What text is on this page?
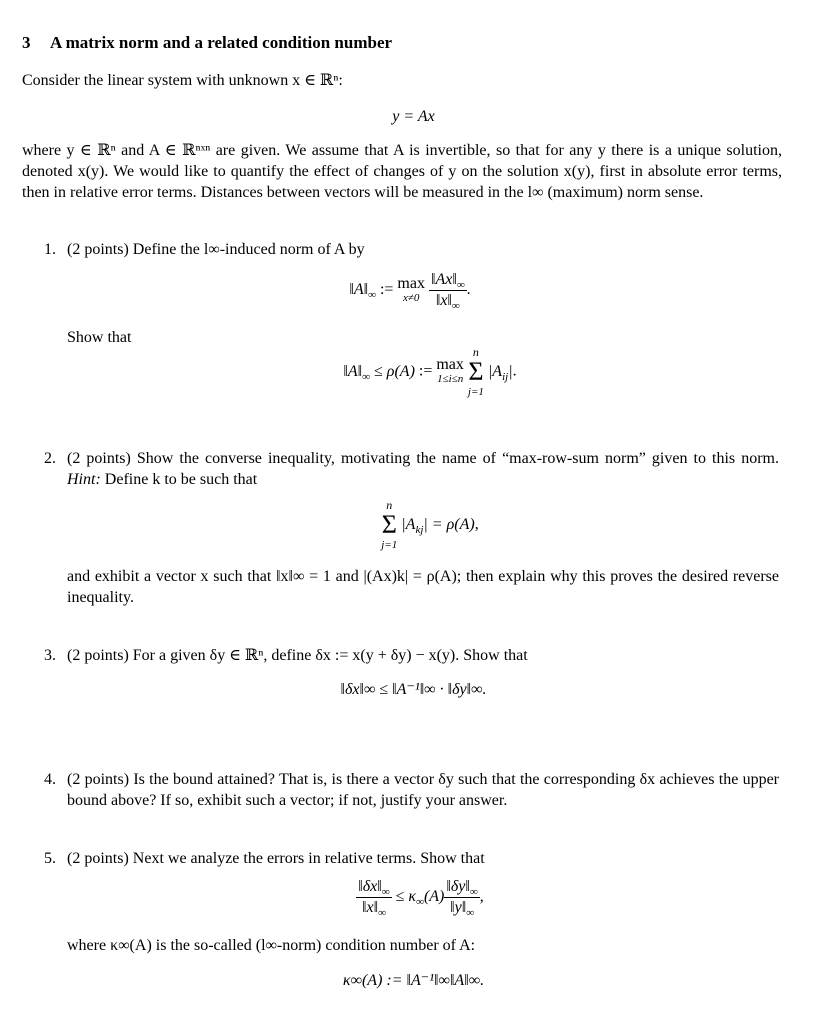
3 A matrix norm and a related condition number
Consider the linear system with unknown x ∈ ℝⁿ:
y = Ax
where y ∈ ℝⁿ and A ∈ ℝⁿˣⁿ are given. We assume that A is invertible, so that for any y there is a unique solution, denoted x(y). We would like to quantify the effect of changes of y on the solution x(y), first in absolute error terms, then in relative error terms. Distances between vectors will be measured in the l∞ (maximum) norm sense.
1. (2 points) Define the l∞-induced norm of A by
$‖A‖_\infty$ := max
x≠0
$\frac{‖Ax‖_\infty}{‖x‖_\infty}$ .
Show that
$‖A‖_\infty \le \rho(A)$ := max
1≤i≤n

n
Σ
j=1
$|A_{ij}|$.
2. (2 points) Show the converse inequality, motivating the name of “max-row-sum norm” given to this norm. Hint: Define k to be such that
n
Σ
j=1
$|A_{kj}| = \rho(A)$,
and exhibit a vector x such that ‖x‖∞ = 1 and |(Ax)k| = ρ(A); then explain why this proves the desired reverse inequality.
3. (2 points) For a given δy ∈ ℝⁿ, define δx := x(y + δy) − x(y). Show that
‖δx‖∞ ≤ ‖A⁻¹‖∞ · ‖δy‖∞.
4. (2 points) Is the bound attained? That is, is there a vector δy such that the corresponding δx achieves the upper bound above? If so, exhibit such a vector; if not, justify your answer.
5. (2 points) Next we analyze the errors in relative terms. Show that
$\frac{‖\delta x‖_\infty}{‖x‖_\infty} \le \kappa_\infty(A) \frac{‖\delta y‖_\infty}{‖y‖_\infty}$ ,
where κ∞(A) is the so-called (l∞-norm) condition number of A:
κ∞(A) := ‖A⁻¹‖∞‖A‖∞.
